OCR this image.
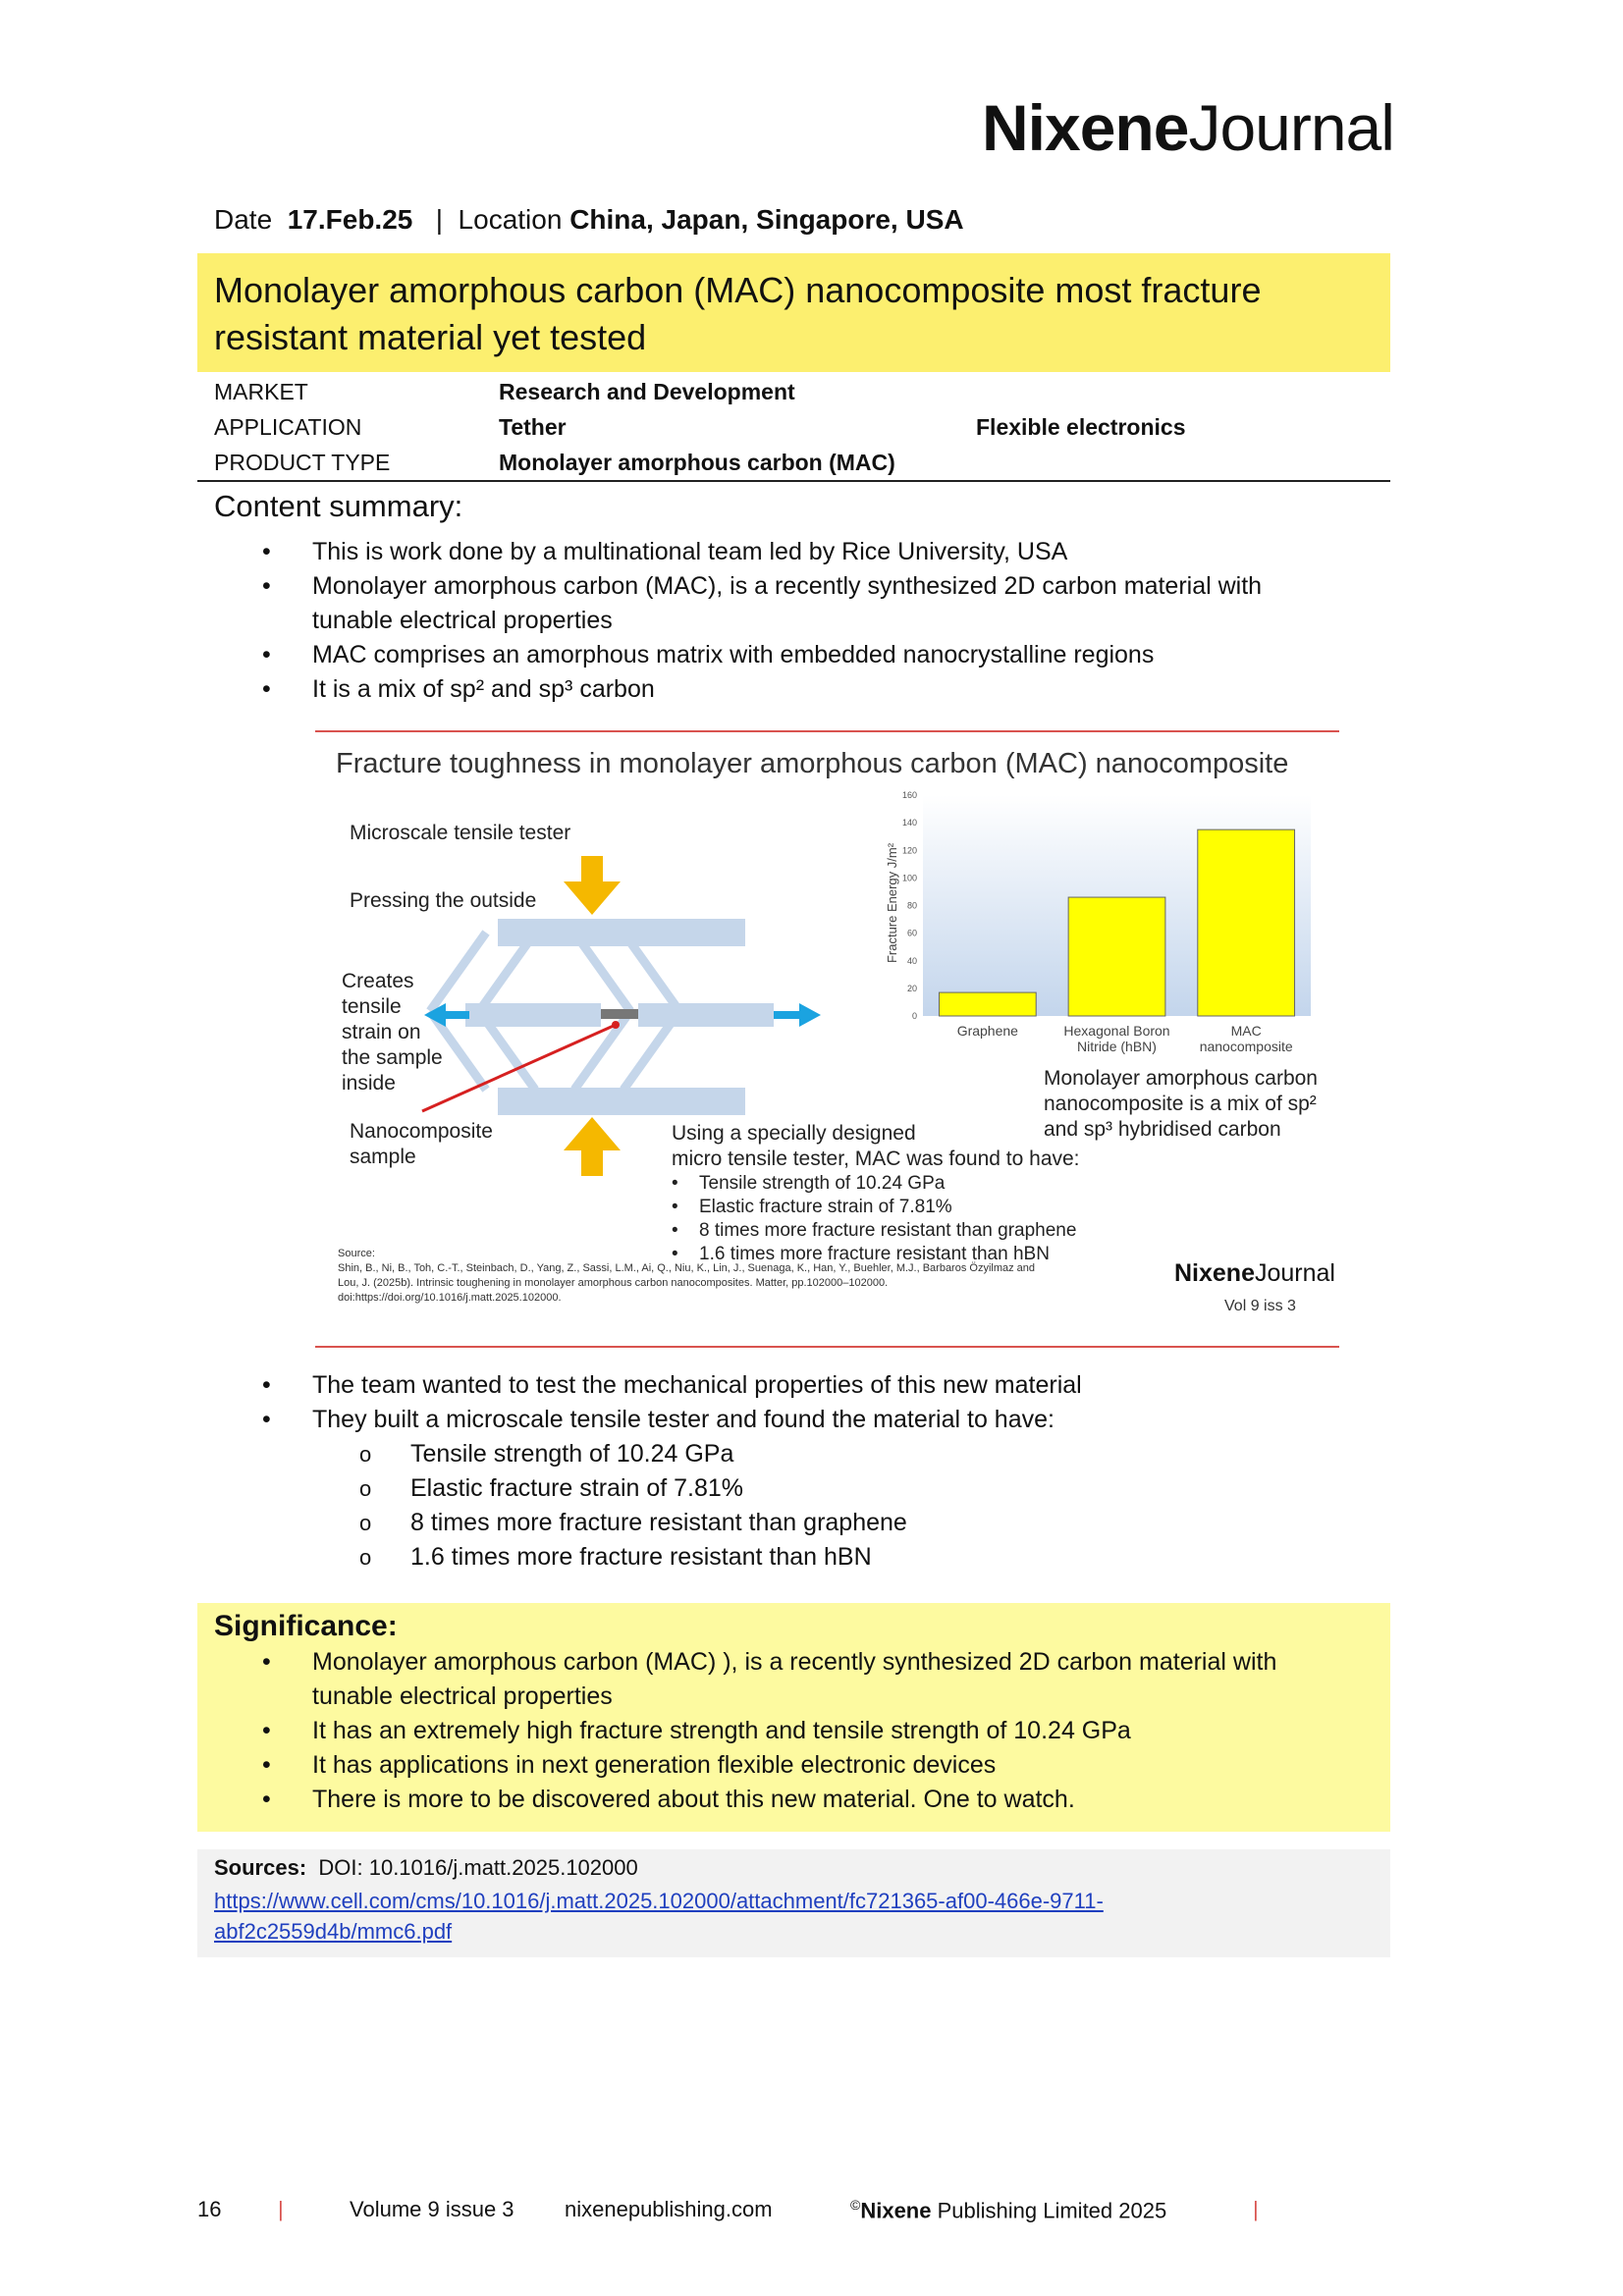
NixeneJournal
Date 17.Feb.25 | Location China, Japan, Singapore, USA
Monolayer amorphous carbon (MAC) nanocomposite most fracture resistant material yet tested
MARKET	Research and Development
APPLICATION	Tether	Flexible electronics
PRODUCT TYPE	Monolayer amorphous carbon (MAC)
Content summary:
• This is work done by a multinational team led by Rice University, USA
• Monolayer amorphous carbon (MAC), is a recently synthesized 2D carbon material with
tunable electrical properties
• MAC comprises an amorphous matrix with embedded nanocrystalline regions
• It is a mix of sp² and sp³ carbon
Fracture toughness in monolayer amorphous carbon (MAC) nanocomposite
Microscale tensile tester
Pressing the outside
Creates
tensile
strain on
the sample
inside
Nanocomposite
sample
0
20
40
60
80
100
120
140
160
Graphene	Hexagonal Boron
Nitride (hBN)
MAC
nanocomposite
Fracture Energy J/m²
Monolayer amorphous carbon
nanocomposite is a mix of sp²
and sp³ hybridised carbon
Using a specially designed
micro tensile tester, MAC was found to have:
• Tensile strength of 10.24 GPa
• Elastic fracture strain of 7.81%
• 8 times more fracture resistant than graphene
• 1.6 times more fracture resistant than hBN
Source:
Shin, B., Ni, B., Toh, C.-T., Steinbach, D., Yang, Z., Sassi, L.M., Ai, Q., Niu, K., Lin, J., Suenaga, K., Han, Y., Buehler, M.J., Barbaros Özyilmaz and
Lou, J. (2025b). Intrinsic toughening in monolayer amorphous carbon nanocomposites. Matter, pp.102000–102000.
doi:https://doi.org/10.1016/j.matt.2025.102000.
NixeneJournal
Vol 9 iss 3
• The team wanted to test the mechanical properties of this new material
• They built a microscale tensile tester and found the material to have:
o Tensile strength of 10.24 GPa
o Elastic fracture strain of 7.81%
o 8 times more fracture resistant than graphene
o 1.6 times more fracture resistant than hBN
Significance:
• Monolayer amorphous carbon (MAC) ), is a recently synthesized 2D carbon material with
tunable electrical properties
• It has an extremely high fracture strength and tensile strength of 10.24 GPa
• It has applications in next generation flexible electronic devices
• There is more to be discovered about this new material. One to watch.
Sources: DOI: 10.1016/j.matt.2025.102000
https://www.cell.com/cms/10.1016/j.matt.2025.102000/attachment/fc721365-af00-466e-9711-abf2c2559d4b/mmc6.pdf
16	|	Volume 9 issue 3 nixenepublishing.com	©Nixene Publishing Limited 2025	|
